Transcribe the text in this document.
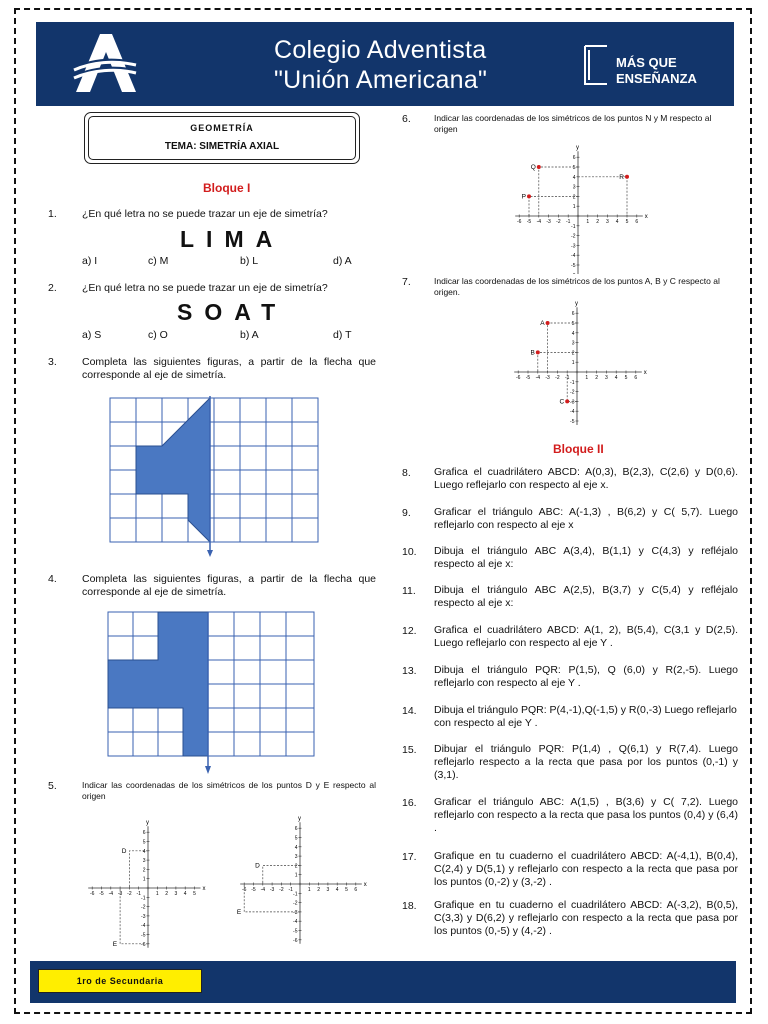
Colegio Adventista
"Unión Americana"
MÁS QUE
ENSEÑANZA
GEOMETRÍA
TEMA: SIMETRÍA AXIAL
Bloque I
1. ¿En qué letra no se puede trazar un eje de simetría?
LIMA
a) I	c) M	b) L	d) A
2. ¿En qué letra no se puede trazar un eje de simetría?
SOAT
a) S	c) O	b) A	d) T
3. Completa las siguientes figuras, a partir de la flecha que corresponde al eje de simetría.
4. Completa las siguientes figuras, a partir de la flecha que corresponde al eje de simetría.
5.	Indicar las coordenadas de los simétricos de los puntos D y E respecto al origen
x
y
-6 -5 -4 -3 -2 -1	1 2 3 4 5
-6
-5
-4
-3
-2
-1
1
2
3
4
5
6
D
E
x
y
-6 -5 -4 -3 -2 -1	1 2 3 4 5 6
-6
-5
-4
-3
-2
-1
1
2
3
4
5
6
D
E
6.	Indicar las coordenadas de los simétricos de los puntos N y M respecto al origen
x
y
-6 -5 -4 -3 -2 -1	1 2 3 4 5 6
-5
-4
-3
-2
-1
1
2
3
4
5
6
Q
P
R
7.	Indicar las coordenadas de los simétricos de los puntos A, B y C respecto al origen.
x
y
-6 -5 -4 -3 -2 -1	1 2 3 4 5 6
-5
-4
-3
-2
-1
1
2
3
4
5
6
A
B
C
Bloque II
8. Grafica el cuadrilátero ABCD: A(0,3), B(2,3), C(2,6) y D(0,6). Luego reflejarlo con respecto al eje x.
9. Graficar el triángulo ABC: A(-1,3) , B(6,2) y C( 5,7). Luego reflejarlo con respecto al eje x
10. Dibuja el triángulo ABC A(3,4), B(1,1) y C(4,3) y refléjalo respecto al eje x:
11. Dibuja el triángulo ABC A(2,5), B(3,7) y C(5,4) y refléjalo respecto al eje x:
12. Grafica el cuadrilátero ABCD: A(1, 2), B(5,4), C(3,1 y D(2,5). Luego reflejarlo con respecto al eje Y .
13. Dibuja el triángulo PQR: P(1,5), Q (6,0) y R(2,-5). Luego reflejarlo con respecto al eje Y .
14. Dibuja el triángulo PQR: P(4,-1),Q(-1,5) y R(0,-3) Luego reflejarlo con respecto al eje Y .
15. Dibujar el triángulo PQR: P(1,4) , Q(6,1) y R(7,4). Luego reflejarlo respecto a la recta que pasa por los puntos (0,-1) y (3,1).
16. Graficar el triángulo ABC: A(1,5) , B(3,6) y C( 7,2). Luego reflejarlo con respecto a la recta que pasa los puntos (0,4) y (6,4) .
17. Grafique en tu cuaderno el cuadrilátero ABCD: A(-4,1), B(0,4), C(2,4) y D(5,1) y reflejarlo con respecto a la recta que pasa por los puntos (0,-2) y (3,-2) .
18. Grafique en tu cuaderno el cuadrilátero ABCD: A(-3,2), B(0,5), C(3,3) y D(6,2) y reflejarlo con respecto a la recta que pasa por los puntos (0,-5) y (4,-2) .
1ro de Secundaria
